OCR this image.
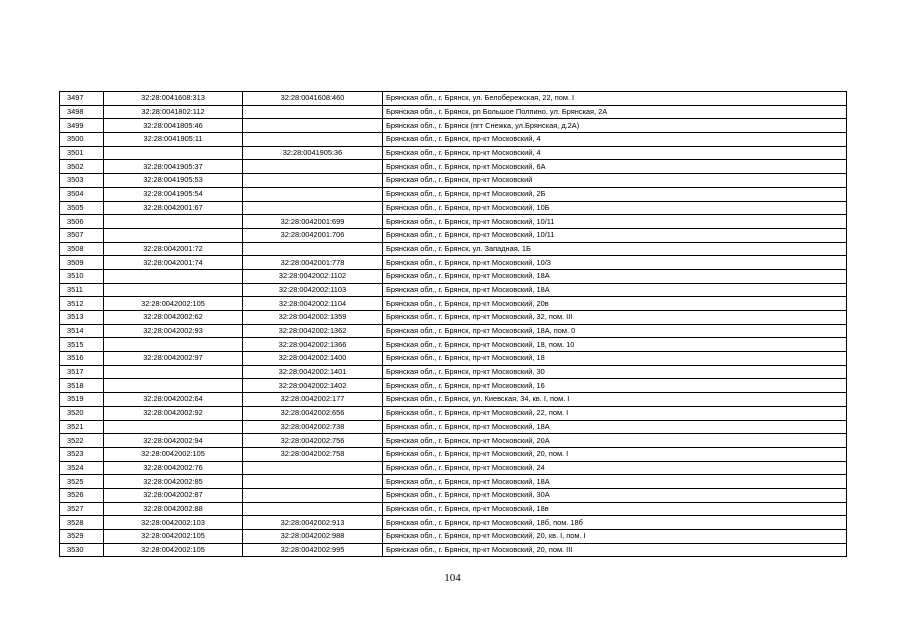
3497	32:28:0041608:313	32:28:0041608:460	Брянская обл., г. Брянск, ул. Белобережская, 22, пом. I
3498	32:28:0041802:112		Брянская обл., г. Брянск, рп Большое Полпино, ул. Брянская, 2А
3499	32:28:0041805:46		Брянская обл., г. Брянск (пгт Снежка, ул.Брянская, д.2А)
3500	32:28:0041905:11		Брянская обл., г. Брянск, пр-кт Московский, 4
3501		32:28:0041905:36	Брянская обл., г. Брянск, пр-кт Московский, 4
3502	32:28:0041905:37		Брянская обл., г. Брянск, пр-кт Московский, 6А
3503	32:28:0041905:53		Брянская обл., г. Брянск, пр-кт Московский
3504	32:28:0041905:54		Брянская обл., г. Брянск, пр-кт Московский, 2Б
3505	32:28:0042001:67		Брянская обл., г. Брянск, пр-кт Московский, 10Б
3506		32:28:0042001:699	Брянская обл., г. Брянск, пр-кт Московский, 10/11
3507		32:28:0042001:706	Брянская обл., г. Брянск, пр-кт Московский, 10/11
3508	32:28:0042001:72		Брянская обл., г. Брянск, ул. Западная, 1Б
3509	32:28:0042001:74	32:28:0042001:778	Брянская обл., г. Брянск, пр-кт Московский, 10/3
3510		32:28:0042002:1102	Брянская обл., г. Брянск, пр-кт Московский, 18А
3511		32:28:0042002:1103	Брянская обл., г. Брянск, пр-кт Московский, 18А
3512	32:28:0042002:105	32:28:0042002:1104	Брянская обл., г. Брянск, пр-кт Московский, 20в
3513	32:28:0042002:62	32:28:0042002:1359	Брянская обл., г. Брянск, пр-кт Московский, 32, пом. III
3514	32:28:0042002:93	32:28:0042002:1362	Брянская обл., г. Брянск, пр-кт Московский, 18А, пом. 0
3515		32:28:0042002:1366	Брянская обл., г. Брянск, пр-кт Московский, 18, пом. 10
3516	32:28:0042002:97	32:28:0042002:1400	Брянская обл., г. Брянск, пр-кт Московский, 18
3517		32:28:0042002:1401	Брянская обл., г. Брянск, пр-кт Московский, 30
3518		32:28:0042002:1402	Брянская обл., г. Брянск, пр-кт Московский, 16
3519	32:28:0042002:64	32:28:0042002:177	Брянская обл., г. Брянск, ул. Киевская, 34, кв. I, пом. I
3520	32:28:0042002:92	32:28:0042002:656	Брянская обл., г. Брянск, пр-кт Московский, 22, пом. I
3521		32:28:0042002:738	Брянская обл., г. Брянск, пр-кт Московский, 18А
3522	32:28:0042002:94	32:28:0042002:756	Брянская обл., г. Брянск, пр-кт Московский, 20А
3523	32:28:0042002:105	32:28:0042002:758	Брянская обл., г. Брянск, пр-кт Московский, 20, пом. I
3524	32:28:0042002:76		Брянская обл., г. Брянск, пр-кт Московский, 24
3525	32:28:0042002:85		Брянская обл., г. Брянск, пр-кт Московский, 18А
3526	32:28:0042002:87		Брянская обл., г. Брянск, пр-кт Московский, 30А
3527	32:28:0042002:88		Брянская обл., г. Брянск, пр-кт Московский, 18в
3528	32:28:0042002:103	32:28:0042002:913	Брянская обл., г. Брянск, пр-кт Московский, 18б, пом. 18б
3529	32:28:0042002:105	32:28:0042002:988	Брянская обл., г. Брянск, пр-кт Московский, 20, кв. I, пом. I
3530	32:28:0042002:105	32:28:0042002:995	Брянская обл., г. Брянск, пр-кт Московский, 20, пом. III
104
